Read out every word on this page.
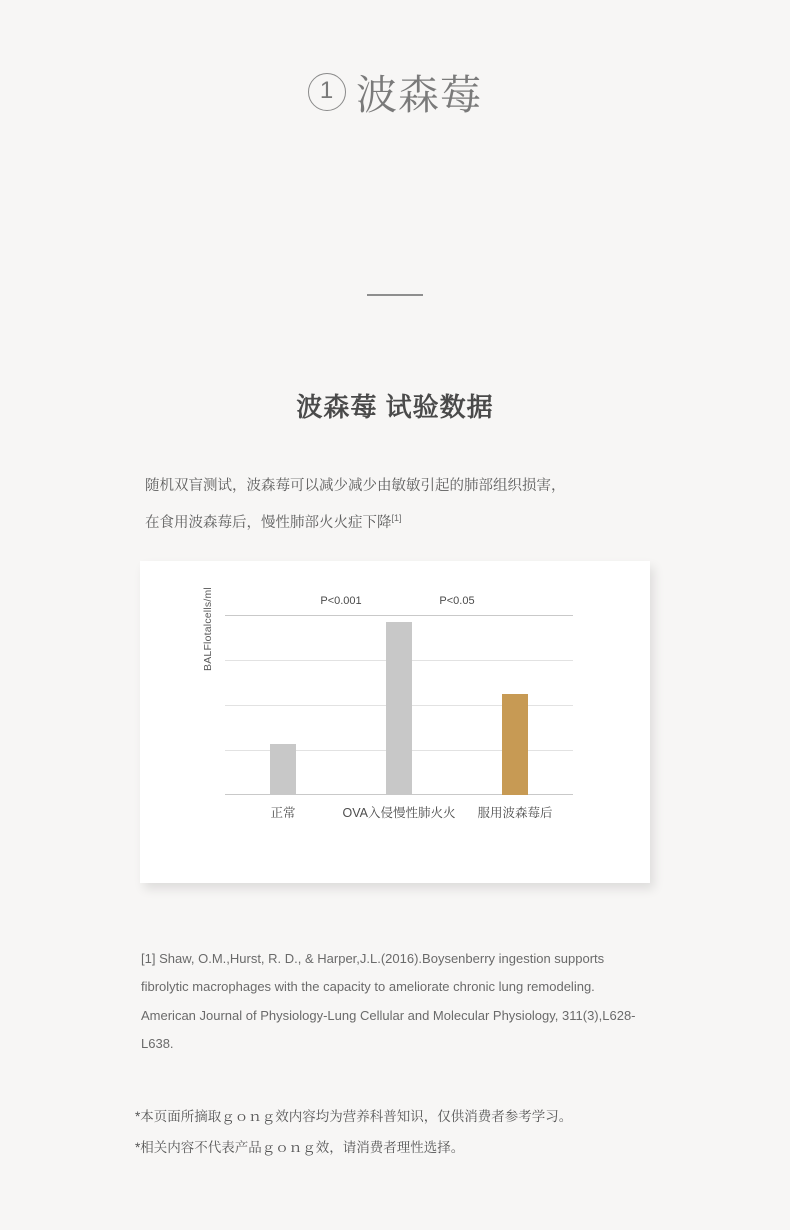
1 波森莓
波森莓 试验数据
随机双盲测试，波森莓可以减少减少由敏敏引起的肺部组织损害，
在食用波森莓后，慢性肺部火火症下降[1]
BALFlotalcells/ml	P<0.001	P<0.05
正常	OVA入侵慢性肺火火 服用波森莓后
[1] Shaw, O.M.,Hurst, R. D., & Harper,J.L.(2016).Boysenberry ingestion supports fibrolytic macrophages with the capacity to ameliorate chronic lung remodeling. American Journal of Physiology-Lung Cellular and Molecular Physiology, 311(3),L628-L638.
*本页面所摘取ｇｏｎｇ效内容均为营养科普知识，仅供消费者参考学习。
*相关内容不代表产品ｇｏｎｇ效，请消费者理性选择。
